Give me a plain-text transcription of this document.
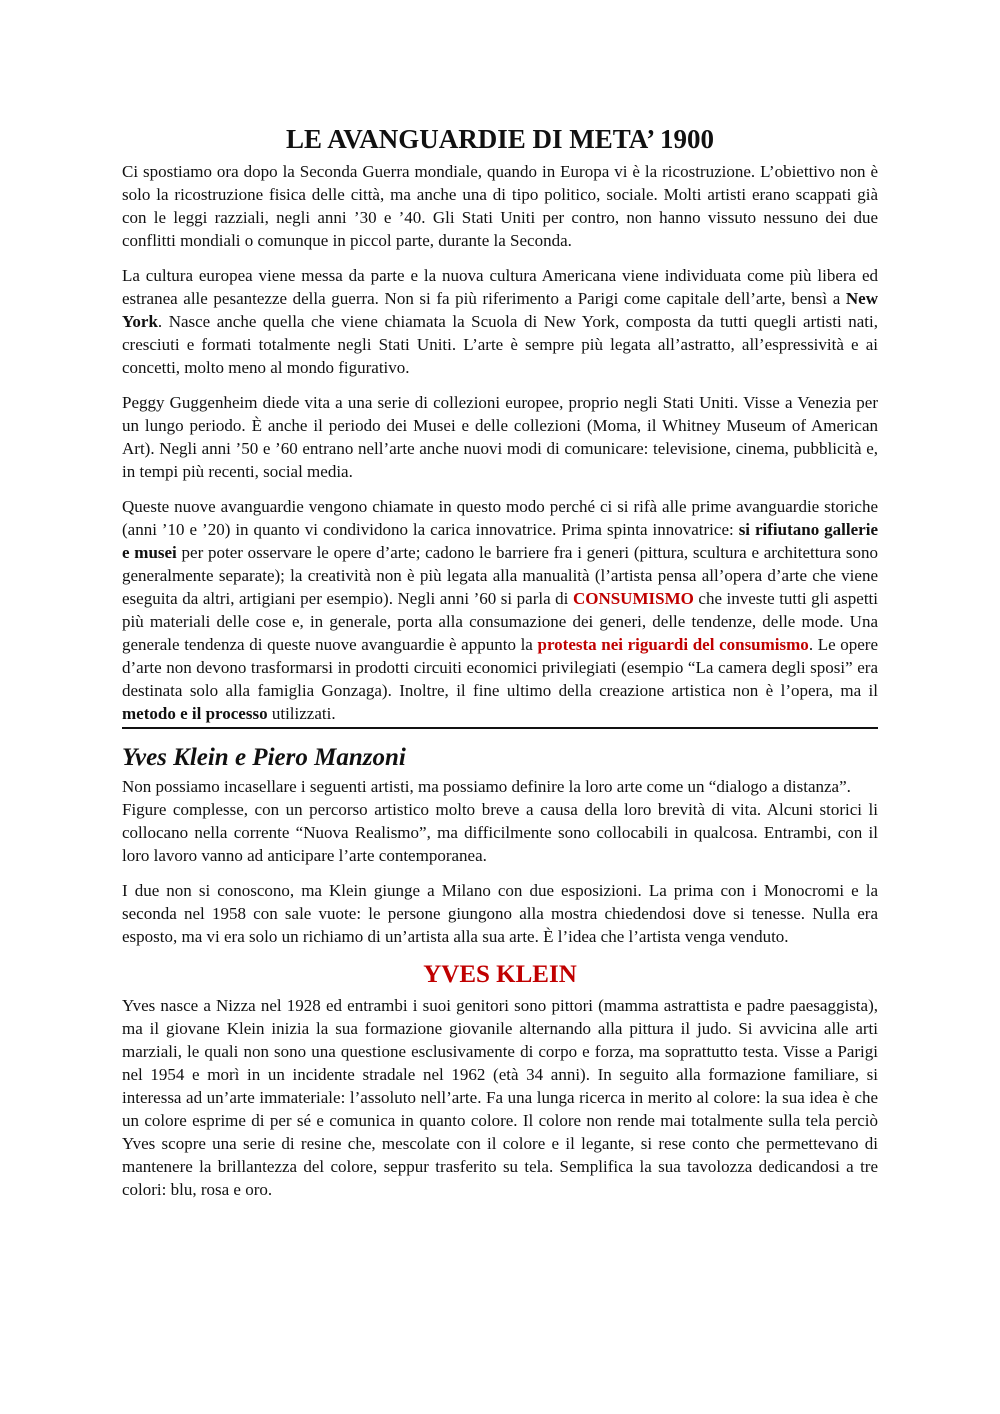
LE AVANGUARDIE DI META’ 1900

Ci spostiamo ora dopo la Seconda Guerra mondiale, quando in Europa vi è la ricostruzione. L’obiettivo non è solo la ricostruzione fisica delle città, ma anche una di tipo politico, sociale. Molti artisti erano scappati già con le leggi razziali, negli anni ’30 e ’40. Gli Stati Uniti per contro, non hanno vissuto nessuno dei due conflitti mondiali o comunque in piccol parte, durante la Seconda.

La cultura europea viene messa da parte e la nuova cultura Americana viene individuata come più libera ed estranea alle pesantezze della guerra. Non si fa più riferimento a Parigi come capitale dell’arte, bensì a New York. Nasce anche quella che viene chiamata la Scuola di New York, composta da tutti quegli artisti nati, cresciuti e formati totalmente negli Stati Uniti. L’arte è sempre più legata all’astratto, all’espressività e ai concetti, molto meno al mondo figurativo.

Peggy Guggenheim diede vita a una serie di collezioni europee, proprio negli Stati Uniti. Visse a Venezia per un lungo periodo. È anche il periodo dei Musei e delle collezioni (Moma, il Whitney Museum of American Art). Negli anni ’50 e ’60 entrano nell’arte anche nuovi modi di comunicare: televisione, cinema, pubblicità e, in tempi più recenti, social media.

Queste nuove avanguardie vengono chiamate in questo modo perché ci si rifà alle prime avanguardie storiche (anni ’10 e ’20) in quanto vi condividono la carica innovatrice. Prima spinta innovatrice: si rifiutano gallerie e musei per poter osservare le opere d’arte; cadono le barriere fra i generi (pittura, scultura e architettura sono generalmente separate); la creatività non è più legata alla manualità (l’artista pensa all’opera d’arte che viene eseguita da altri, artigiani per esempio). Negli anni ’60 si parla di CONSUMISMO che investe tutti gli aspetti più materiali delle cose e, in generale, porta alla consumazione dei generi, delle tendenze, delle mode. Una generale tendenza di queste nuove avanguardie è appunto la protesta nei riguardi del consumismo. Le opere d’arte non devono trasformarsi in prodotti circuiti economici privilegiati (esempio “La camera degli sposi” era destinata solo alla famiglia Gonzaga). Inoltre, il fine ultimo della creazione artistica non è l’opera, ma il metodo e il processo utilizzati.

Yves Klein e Piero Manzoni

Non possiamo incasellare i seguenti artisti, ma possiamo definire la loro arte come un “dialogo a distanza”.

Figure complesse, con un percorso artistico molto breve a causa della loro brevità di vita. Alcuni storici li collocano nella corrente “Nuova Realismo”, ma difficilmente sono collocabili in qualcosa. Entrambi, con il loro lavoro vanno ad anticipare l’arte contemporanea.

I due non si conoscono, ma Klein giunge a Milano con due esposizioni. La prima con i Monocromi e la seconda nel 1958 con sale vuote: le persone giungono alla mostra chiedendosi dove si tenesse. Nulla era esposto, ma vi era solo un richiamo di un’artista alla sua arte. È l’idea che l’artista venga venduto.

YVES KLEIN

Yves nasce a Nizza nel 1928 ed entrambi i suoi genitori sono pittori (mamma astrattista e padre paesaggista), ma il giovane Klein inizia la sua formazione giovanile alternando alla pittura il judo. Si avvicina alle arti marziali, le quali non sono una questione esclusivamente di corpo e forza, ma soprattutto testa. Visse a Parigi nel 1954 e morì in un incidente stradale nel 1962 (età 34 anni). In seguito alla formazione familiare, si interessa ad un’arte immateriale: l’assoluto nell’arte. Fa una lunga ricerca in merito al colore: la sua idea è che un colore esprime di per sé e comunica in quanto colore. Il colore non rende mai totalmente sulla tela perciò Yves scopre una serie di resine che, mescolate con il colore e il legante, si rese conto che permettevano di mantenere la brillantezza del colore, seppur trasferito su tela. Semplifica la sua tavolozza dedicandosi a tre colori: blu, rosa e oro.
